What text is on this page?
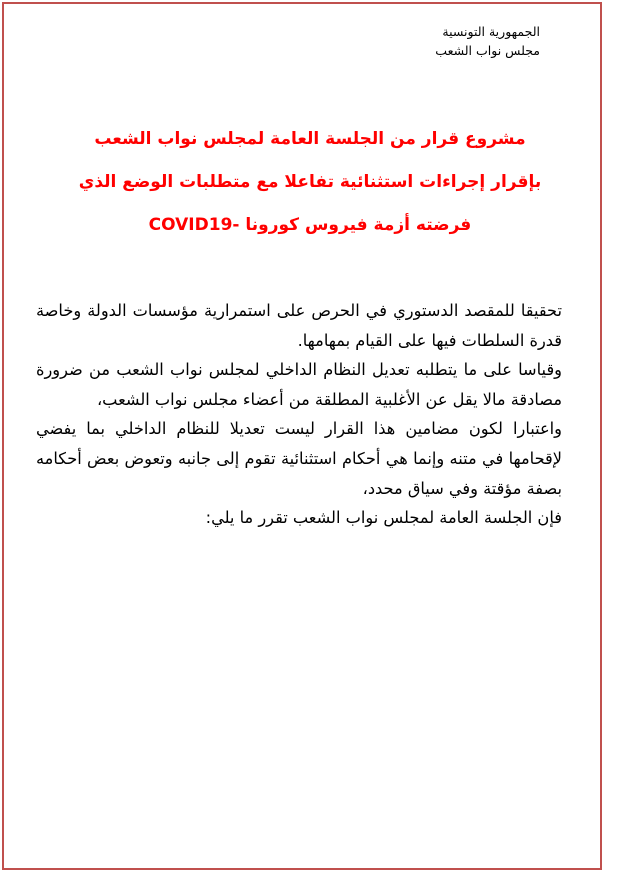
الجمهورية التونسية
مجلس نواب الشعب
مشروع قرار من الجلسة العامة لمجلس نواب الشعب
بإقرار إجراءات استثنائية تفاعلا مع متطلبات الوضع الذي
فرضته أزمة فيروس كورونا -COVID19

تحقيقا للمقصد الدستوري في الحرص على استمرارية مؤسسات الدولة وخاصة قدرة السلطات فيها على القيام بمهامها.

وقياسا على ما يتطلبه تعديل النظام الداخلي لمجلس نواب الشعب من ضرورة مصادقة مالا يقل عن الأغلبية المطلقة من أعضاء مجلس نواب الشعب،

واعتبارا لكون مضامين هذا القرار ليست تعديلا للنظام الداخلي بما يفضي لإقحامها في متنه وإنما هي أحكام استثنائية تقوم إلى جانبه وتعوض بعض أحكامه بصفة مؤقتة وفي سياق محدد،

فإن الجلسة العامة لمجلس نواب الشعب تقرر ما يلي:
